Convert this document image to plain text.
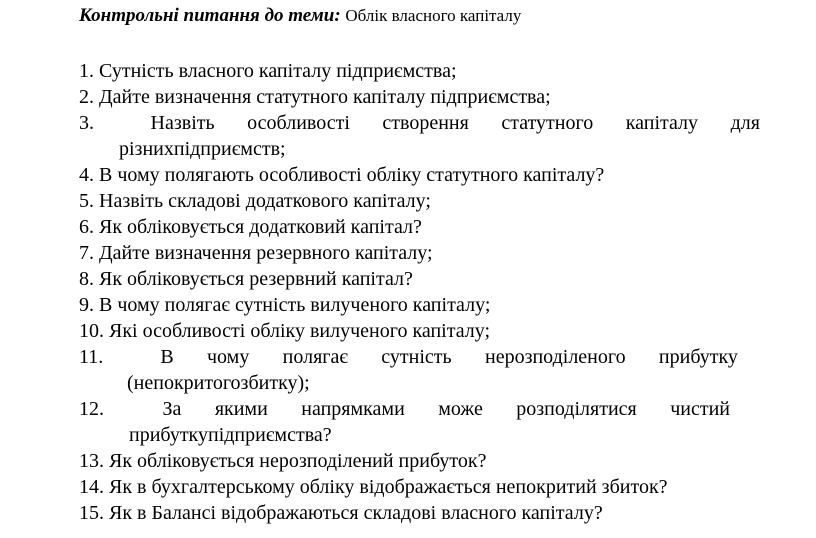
Контрольні питання до теми: Облік власного капіталу
1. Сутність власного капіталу підприємства;
2. Дайте визначення статутного капіталу підприємства;
3.	Назвіть особливості створення статутного капіталу для
різнихпідприємств;
4. В чому полягають особливості обліку статутного капіталу?
5. Назвіть складові додаткового капіталу;
6. Як обліковується додатковий капітал?
7. Дайте визначення резервного капіталу;
8. Як обліковується резервний капітал?
9. В чому полягає сутність вилученого капіталу;
10. Які особливості обліку вилученого капіталу;
11.	В чому полягає сутність нерозподіленого прибутку
(непокритогозбитку);
12.	За якими напрямками може розподілятися чистий
прибуткупідприємства?
13. Як обліковується нерозподілений прибуток?
14. Як в бухгалтерському обліку відображається непокритий збиток?
15. Як в Балансі відображаються складові власного капіталу?
